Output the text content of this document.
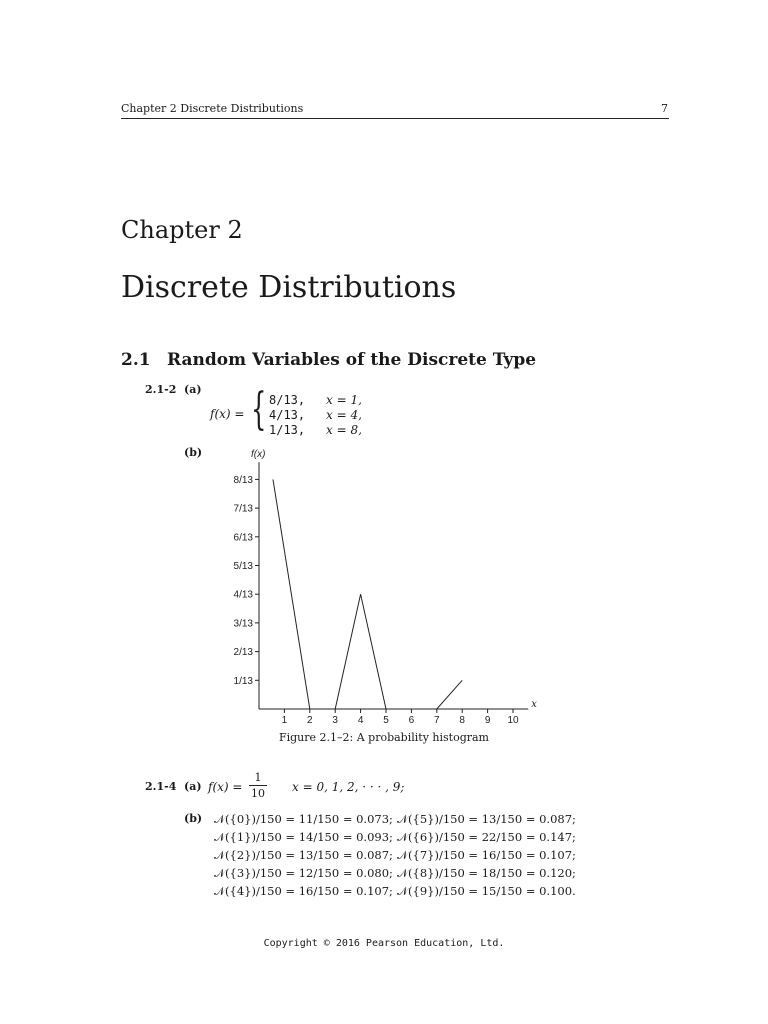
Chapter 2 Discrete Distributions	7
Chapter 2
Discrete Distributions
2.1 Random Variables of the Discrete Type
2.1-2 (a)
f(x) = { 8/13, x = 1,
4/13, x = 4,
1/13, x = 8,
(b)
1/13
2/13
3/13
4/13
5/13
6/13
7/13
8/13
1 2 3 4 5 6 7 8 9 10
f(x)
x
Figure 2.1–2: A probability histogram
2.1-4 (a) f(x) =
1
10 x = 0, 1, 2, · · · , 9;
(b) 𝒩({0})/150 = 11/150 = 0.073; 𝒩({5})/150 = 13/150 = 0.087;
𝒩({1})/150 = 14/150 = 0.093; 𝒩({6})/150 = 22/150 = 0.147;
𝒩({2})/150 = 13/150 = 0.087; 𝒩({7})/150 = 16/150 = 0.107;
𝒩({3})/150 = 12/150 = 0.080; 𝒩({8})/150 = 18/150 = 0.120;
𝒩({4})/150 = 16/150 = 0.107; 𝒩({9})/150 = 15/150 = 0.100.
Copyright © 2016 Pearson Education, Ltd.
